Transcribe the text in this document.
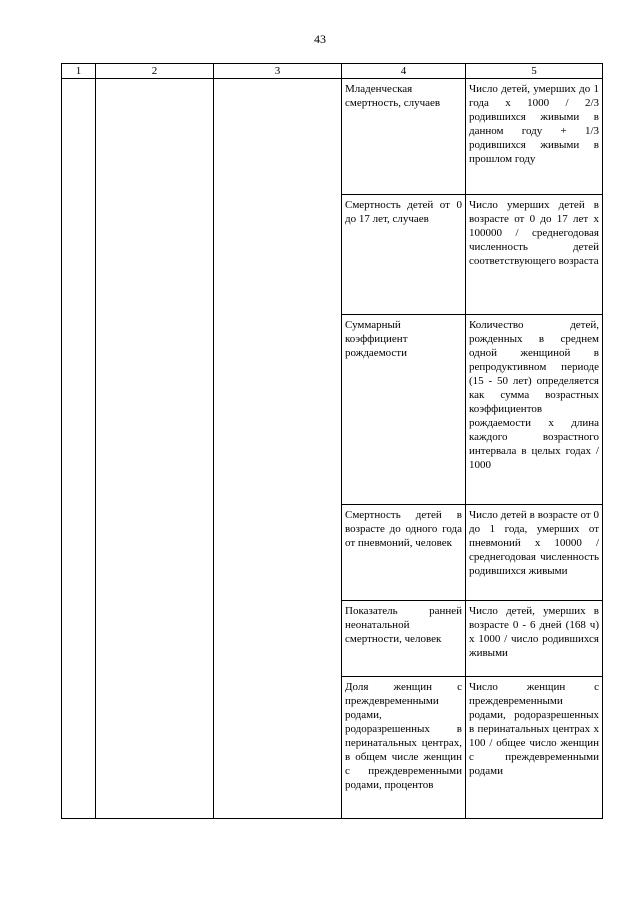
43
1	2	3	4	5

			Младенческая смертность, случаев	Число детей, умерших до 1 года x 1000 / 2/3 родившихся живыми в данном году + 1/3 родившихся живыми в прошлом году

			Смертность детей от 0 до 17 лет, случаев	Число умерших детей в возрасте от 0 до 17 лет x 100000 / среднегодовая численность детей соответствующего возраста

			Суммарный коэффициент рождаемости	Количество детей, рожденных в среднем одной женщиной в репродуктивном периоде (15 - 50 лет) определяется как сумма возрастных коэффициентов рождаемости x длина каждого возрастного интервала в целых годах / 1000

			Смертность детей в возрасте до одного года от пневмоний, человек	Число детей в возрасте от 0 до 1 года, умерших от пневмоний x 10000 / среднегодовая численность родившихся живыми

			Показатель ранней неонатальной смертности, человек	Число детей, умерших в возрасте 0 - 6 дней (168 ч) x 1000 / число родившихся живыми

			Доля женщин с преждевременными родами, родоразрешенных в перинатальных центрах, в общем числе женщин с преждевременными родами, процентов	Число женщин с преждевременными родами, родоразрешенных в перинатальных центрах x 100 / общее число женщин с преждевременными родами
